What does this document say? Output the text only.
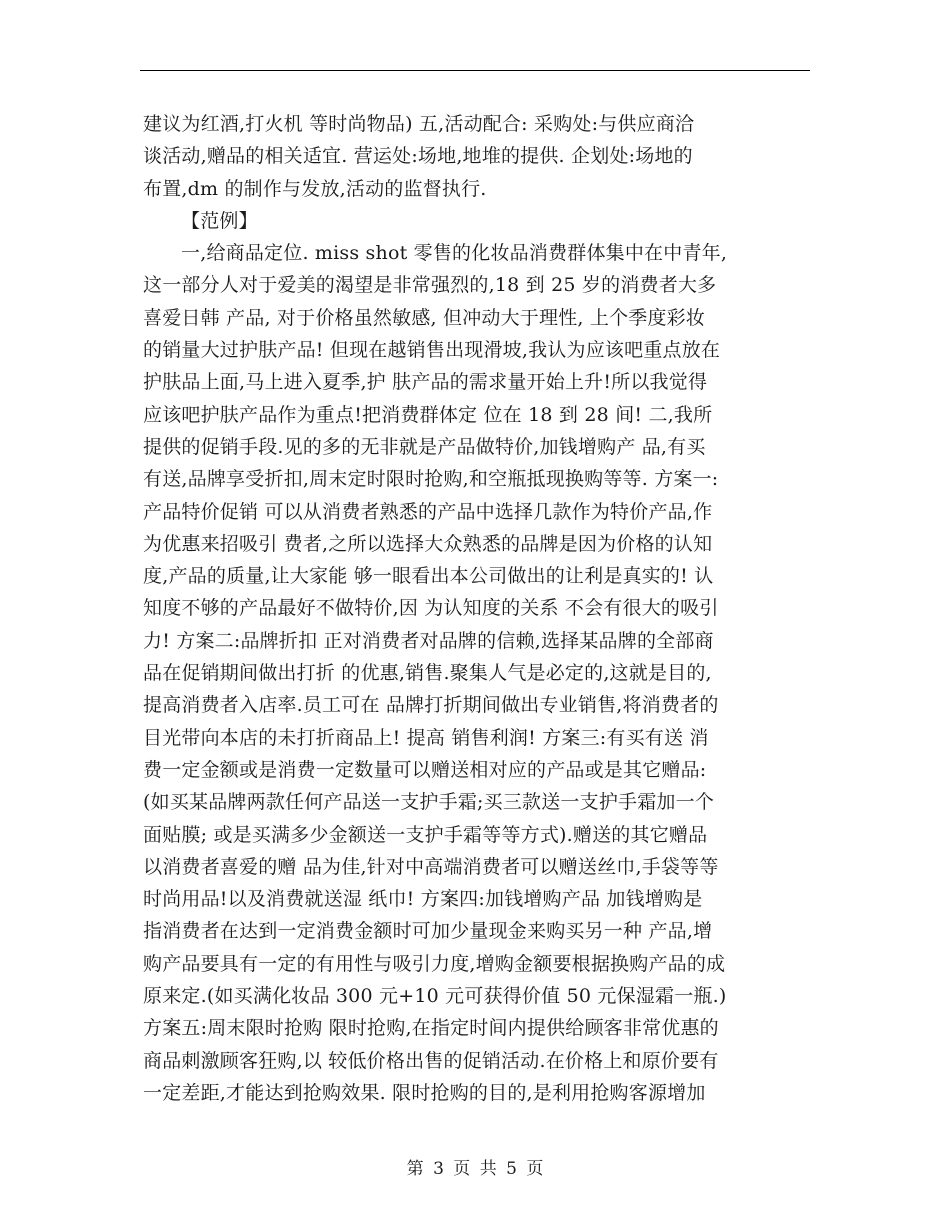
建议为红酒,打火机 等时尚物品) 五,活动配合: 采购处:与供应商洽
谈活动,赠品的相关适宜. 营运处:场地,地堆的提供. 企划处:场地的
布置,dm 的制作与发放,活动的监督执行.
【范例】
一,给商品定位. miss shot 零售的化妆品消费群体集中在中青年,
这一部分人对于爱美的渴望是非常强烈的,18 到 25 岁的消费者大多
喜爱日韩 产品, 对于价格虽然敏感, 但冲动大于理性, 上个季度彩妆
的销量大过护肤产品! 但现在越销售出现滑坡,我认为应该吧重点放在
护肤品上面,马上进入夏季,护 肤产品的需求量开始上升!所以我觉得
应该吧护肤产品作为重点!把消费群体定 位在 18 到 28 间! 二,我所
提供的促销手段.见的多的无非就是产品做特价,加钱增购产 品,有买
有送,品牌享受折扣,周末定时限时抢购,和空瓶抵现换购等等. 方案一:
产品特价促销 可以从消费者熟悉的产品中选择几款作为特价产品,作
为优惠来招吸引 费者,之所以选择大众熟悉的品牌是因为价格的认知
度,产品的质量,让大家能 够一眼看出本公司做出的让利是真实的! 认
知度不够的产品最好不做特价,因 为认知度的关系 不会有很大的吸引
力! 方案二:品牌折扣 正对消费者对品牌的信赖,选择某品牌的全部商
品在促销期间做出打折 的优惠,销售.聚集人气是必定的,这就是目的,
提高消费者入店率.员工可在 品牌打折期间做出专业销售,将消费者的
目光带向本店的未打折商品上! 提高 销售利润! 方案三:有买有送 消
费一定金额或是消费一定数量可以赠送相对应的产品或是其它赠品:
(如买某品牌两款任何产品送一支护手霜;买三款送一支护手霜加一个
面贴膜; 或是买满多少金额送一支护手霜等等方式).赠送的其它赠品
以消费者喜爱的赠 品为佳,针对中高端消费者可以赠送丝巾,手袋等等
时尚用品!以及消费就送湿 纸巾! 方案四:加钱增购产品 加钱增购是
指消费者在达到一定消费金额时可加少量现金来购买另一种 产品,增
购产品要具有一定的有用性与吸引力度,增购金额要根据换购产品的成
原来定.(如买满化妆品 300 元+10 元可获得价值 50 元保湿霜一瓶.)
方案五:周末限时抢购 限时抢购,在指定时间内提供给顾客非常优惠的
商品刺激顾客狂购,以 较低价格出售的促销活动.在价格上和原价要有
一定差距,才能达到抢购效果. 限时抢购的目的,是利用抢购客源增加
第 3 页 共 5 页
